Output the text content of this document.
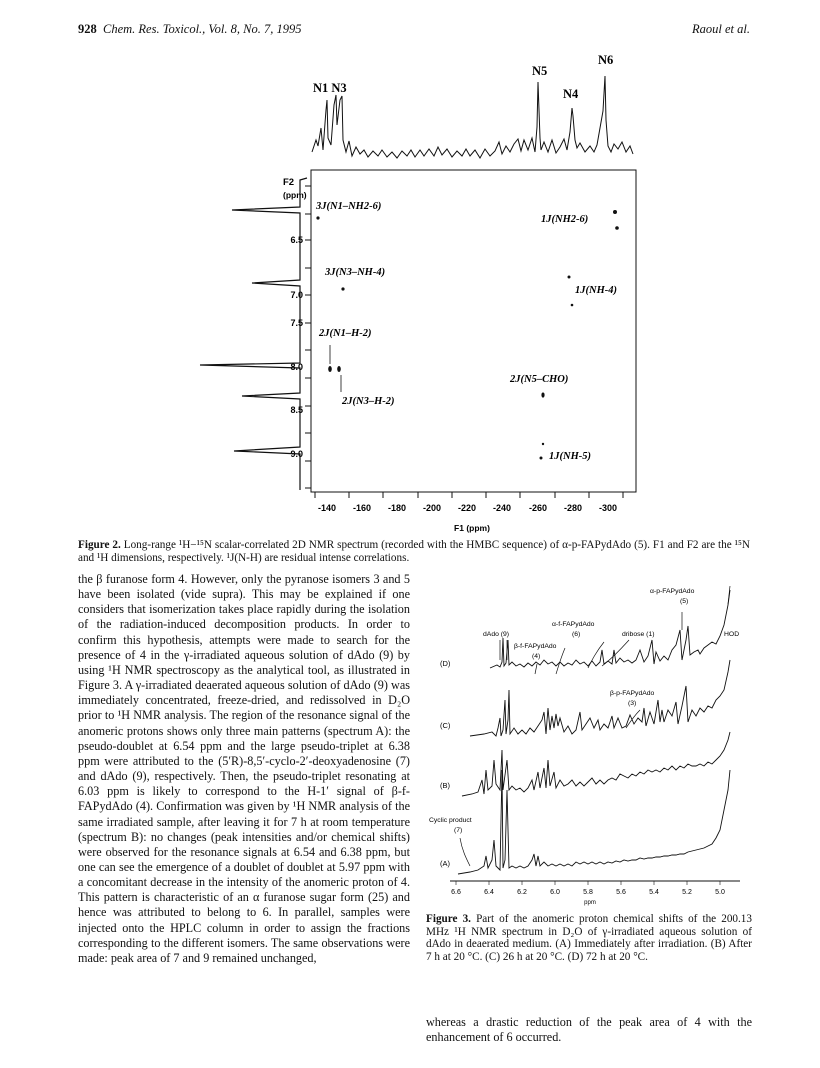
928 Chem. Res. Toxicol., Vol. 8, No. 7, 1995	Raoul et al.
N1 N3
N5
N6
N4
F2
(ppm)
6.5
7.0
7.5
8.0
8.5
9.0
-140 -160 -180 -200 -220 -240 -260 -280 -300
F1 (ppm)
3J(N1–NH2-6)
1J(NH2-6)
3J(N3–NH-4)
1J(NH-4)
2J(N1–H-2)
2J(N5–CHO)
2J(N3–H-2)
1J(NH-5)
Figure 2. Long-range ¹H−¹⁵N scalar-correlated 2D NMR spectrum (recorded with the HMBC sequence) of α-p-FAPydAdo (5). F1 and F2 are the ¹⁵N and ¹H dimensions, respectively. ¹J(N-H) are residual intense correlations.
the β furanose form 4. However, only the pyranose isomers 3 and 5 have been isolated (vide supra). This may be explained if one considers that isomerization takes place rapidly during the isolation of the radiation-induced decomposition products. In order to confirm this hypothesis, attempts were made to search for the presence of 4 in the γ-irradiated aqueous solution of dAdo (9) by using ¹H NMR spectroscopy as the analytical tool, as illustrated in Figure 3. A γ-irradiated deaerated aqueous solution of dAdo (9) was immediately concentrated, freeze-dried, and redissolved in D₂O prior to ¹H NMR analysis. The region of the resonance signal of the anomeric protons shows only three main patterns (spectrum A): the pseudo-doublet at 6.54 ppm and the large pseudo-triplet at 6.38 ppm were attributed to the (5′R)-8,5′-cyclo-2′-deoxyadenosine (7) and dAdo (9), respectively. Then, the pseudo-triplet resonating at 6.03 ppm is likely to correspond to the H-1′ signal of β-f-FAPydAdo (4). Confirmation was given by ¹H NMR analysis of the same irradiated sample, after leaving it for 7 h at room temperature (spectrum B): no changes (peak intensities and/or chemical shifts) were observed for the resonance signals at 6.54 and 6.38 ppm, but one can see the emergence of a doublet of doublet at 5.97 ppm with a concomitant decrease in the intensity of the anomeric proton of 4. This pattern is characteristic of an α furanose sugar form (25) and hence was attributed to belong to 6. In parallel, samples were injected onto the HPLC column in order to assign the fractions corresponding to the different isomers. The same observations were made: peak area of 7 and 9 remained unchanged,
(D)
(C)
(B)
(A)
α-p-FAPydAdo
(5)
α-f-FAPydAdo
(6)
dAdo (9)	dribose (1)	HOD
β-f-FAPydAdo
(4)
β-p-FAPydAdo
(3)
Cyclic product
(7)
6.6	6.4	6.2	6.0	5.8	5.6	5.4	5.2	5.0
ppm
Figure 3. Part of the anomeric proton chemical shifts of the 200.13 MHz ¹H NMR spectrum in D₂O of γ-irradiated aqueous solution of dAdo in deaerated medium. (A) Immediately after irradiation. (B) After 7 h at 20 °C. (C) 26 h at 20 °C. (D) 72 h at 20 °C.
whereas a drastic reduction of the peak area of 4 with the enhancement of 6 occurred.
